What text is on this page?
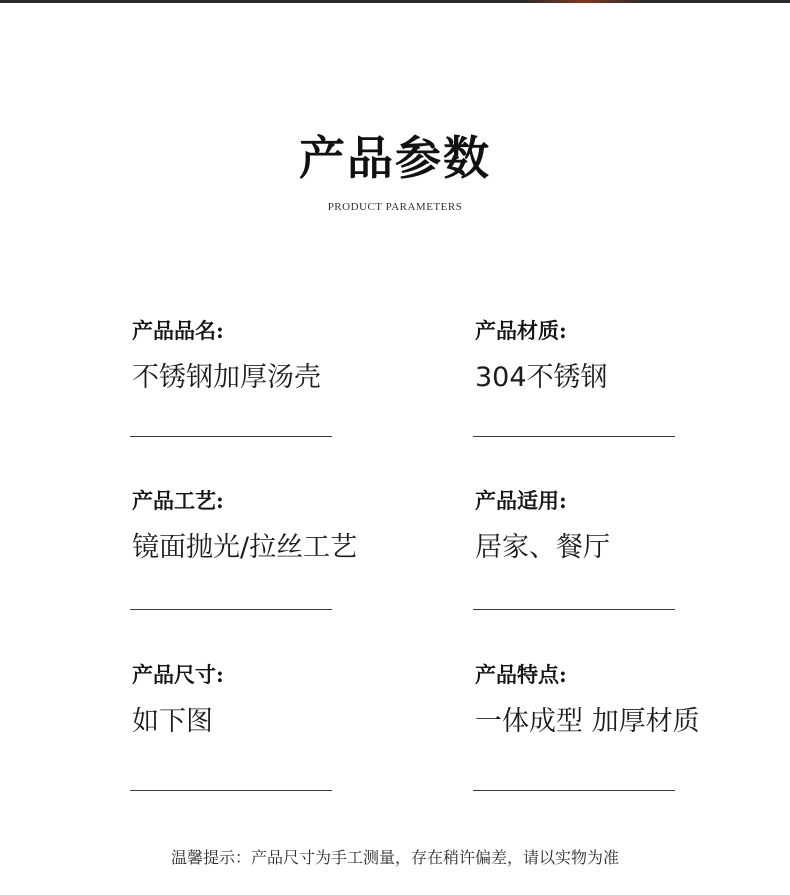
产品参数
PRODUCT PARAMETERS
产品品名:
不锈钢加厚汤壳
产品材质:
304不锈钢
产品工艺:
镜面抛光/拉丝工艺
产品适用:
居家、餐厅
产品尺寸:
如下图
产品特点:
一体成型 加厚材质
温馨提示：产品尺寸为手工测量，存在稍许偏差，请以实物为准
